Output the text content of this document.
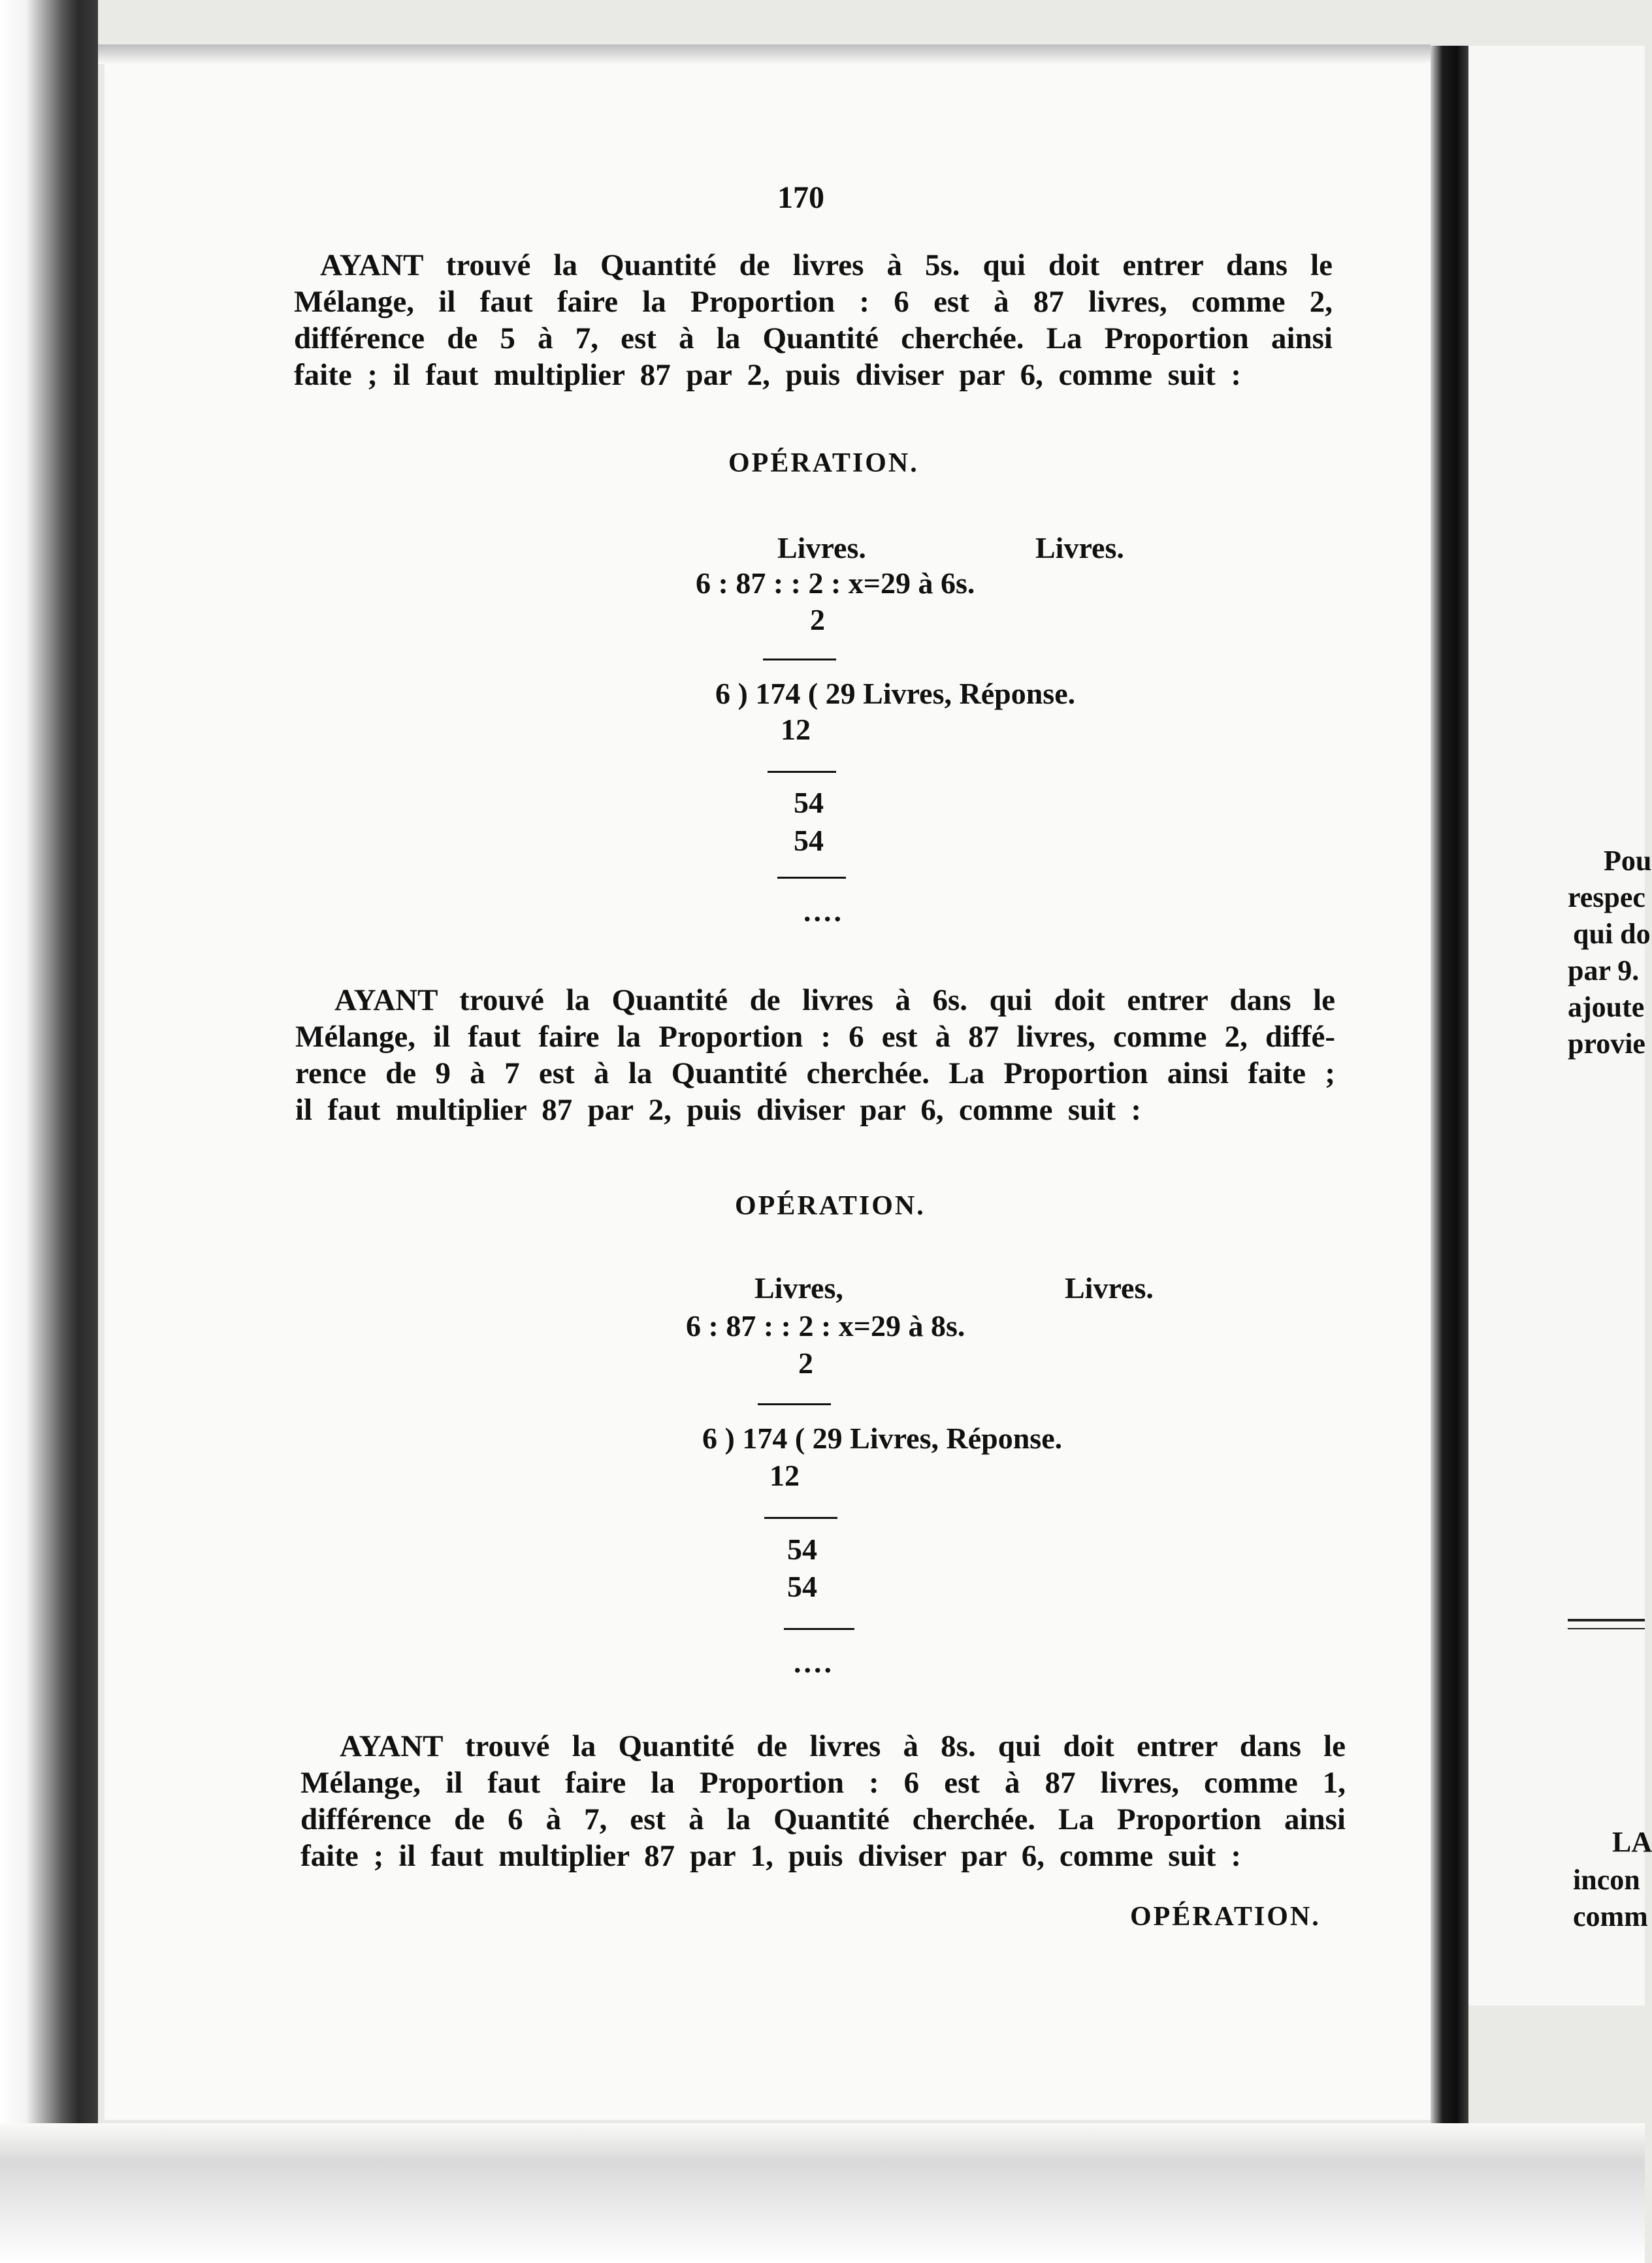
170
AYANT trouvé la Quantité de livres à 5s. qui doit entrer dans le
Mélange, il faut faire la Proportion : 6 est à 87 livres, comme 2,
différence de 5 à 7, est à la Quantité cherchée. La Proportion ainsi
faite ; il faut multiplier 87 par 2, puis diviser par 6, comme suit :
OPÉRATION.
Livres.	Livres.
6 : 87 : : 2 : x=29 à 6s.
2
6 ) 174 ( 29 Livres, Réponse.
12
54
54
....
AYANT trouvé la Quantité de livres à 6s. qui doit entrer dans le
Mélange, il faut faire la Proportion : 6 est à 87 livres, comme 2, diffé-
rence de 9 à 7 est à la Quantité cherchée. La Proportion ainsi faite ;
il faut multiplier 87 par 2, puis diviser par 6, comme suit :
OPÉRATION.
Livres,	Livres.
6 : 87 : : 2 : x=29 à 8s.
2
6 ) 174 ( 29 Livres, Réponse.
12
54
54
....
AYANT trouvé la Quantité de livres à 8s. qui doit entrer dans le
Mélange, il faut faire la Proportion : 6 est à 87 livres, comme 1,
différence de 6 à 7, est à la Quantité cherchée. La Proportion ainsi
faite ; il faut multiplier 87 par 1, puis diviser par 6, comme suit :
OPÉRATION.
Pou
respec
qui do
par 9.
ajoute
provie
LA
incon
comm
